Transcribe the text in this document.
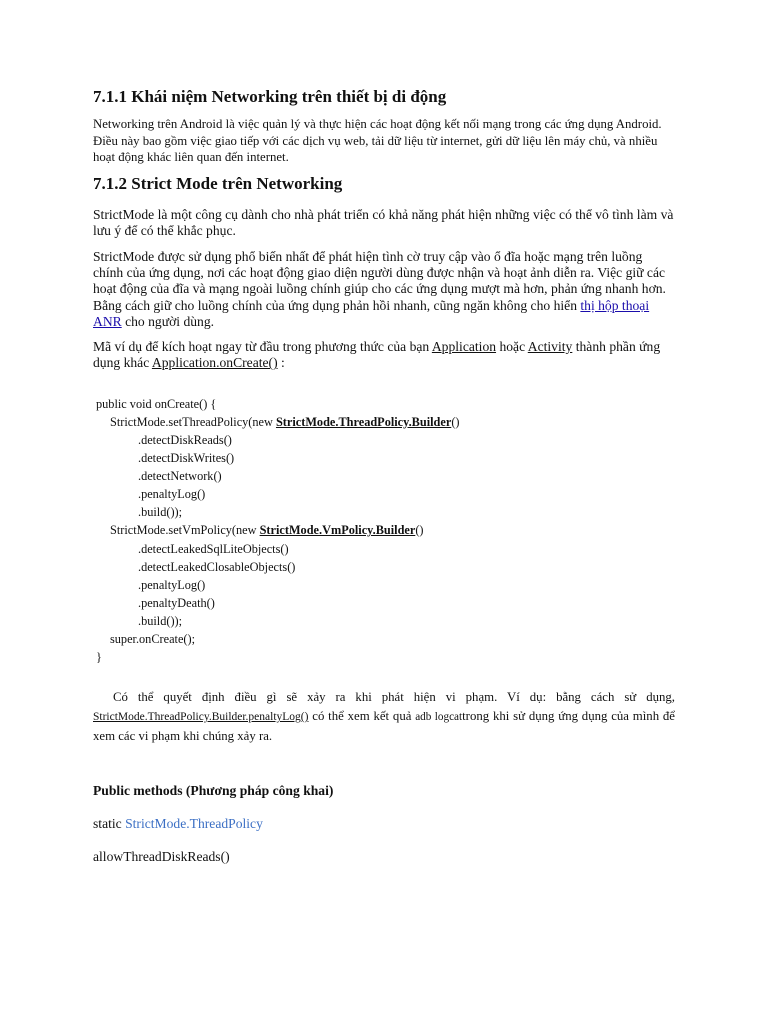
7.1.1 Khái niệm Networking trên thiết bị di động

Networking trên Android là việc quản lý và thực hiện các hoạt động kết nối mạng trong các ứng dụng Android. Điều này bao gồm việc giao tiếp với các dịch vụ web, tải dữ liệu từ internet, gửi dữ liệu lên máy chủ, và nhiều hoạt động khác liên quan đến internet.

7.1.2 Strict Mode trên Networking

StrictMode là một công cụ dành cho nhà phát triển có khả năng phát hiện những việc có thể vô tình làm và lưu ý để có thể khắc phục.

StrictMode được sử dụng phổ biến nhất để phát hiện tình cờ truy cập vào ổ đĩa hoặc mạng trên luồng chính của ứng dụng, nơi các hoạt động giao diện người dùng được nhận và hoạt ảnh diễn ra. Việc giữ các hoạt động của đĩa và mạng ngoài luồng chính giúp cho các ứng dụng mượt mà hơn, phản ứng nhanh hơn. Bằng cách giữ cho luồng chính của ứng dụng phản hồi nhanh, cũng ngăn không cho hiển thị hộp thoại ANR cho người dùng.

Mã ví dụ để kích hoạt ngay từ đầu trong phương thức của bạn Application hoặc Activity thành phần ứng dụng khác Application.onCreate() :

public void onCreate() {
StrictMode.setThreadPolicy(new StrictMode.ThreadPolicy.Builder()
.detectDiskReads()
.detectDiskWrites()
.detectNetwork()
.penaltyLog()
.build());
StrictMode.setVmPolicy(new StrictMode.VmPolicy.Builder()
.detectLeakedSqlLiteObjects()
.detectLeakedClosableObjects()
.penaltyLog()
.penaltyDeath()
.build());
super.onCreate();
}

Có thể quyết định điều gì sẽ xảy ra khi phát hiện vi phạm. Ví dụ: bằng cách sử dụng, StrictMode.ThreadPolicy.Builder.penaltyLog() có thể xem kết quả adb logcattrong khi sử dụng ứng dụng của mình để xem các vi phạm khi chúng xảy ra.

Public methods (Phương pháp công khai)
static StrictMode.ThreadPolicy
allowThreadDiskReads()
